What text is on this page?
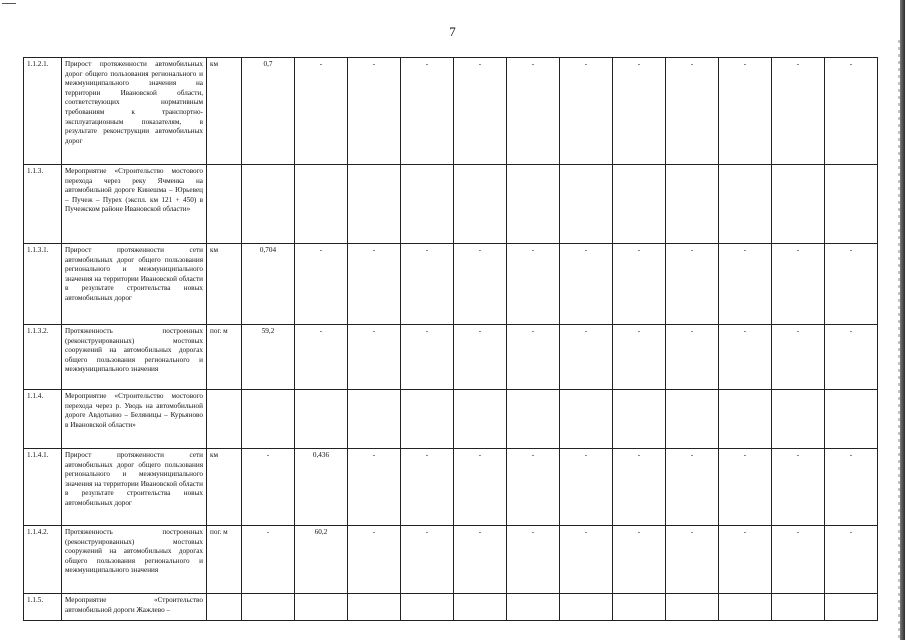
7
1.1.2.1.	Прирост протяженности автомобильных дорог общего пользования регионального и межмуниципального значения на территории Ивановской области, соответствующих нормативным требованиям к транспортно-эксплуатационным показателям, в результате реконструкции автомобильных дорог	км	0,7	-	-	-	-	-	-	-	-	-	-	-
1.1.3.	Мероприятие «Строительство мостового перехода через реку Ячменка на автомобильной дороге Кинешма – Юрьевец – Пучеж – Пурех (экспл. км 121 + 450) в Пучежском районе Ивановской области»													
1.1.3.1.	Прирост протяженности сети автомобильных дорог общего пользования регионального и межмуниципального значения на территории Ивановской области в результате строительства новых автомобильных дорог	км	0,704	-	-	-	-	-	-	-	-	-	-	-
1.1.3.2.	Протяженность построенных (реконструированных) мостовых сооружений на автомобильных дорогах общего пользования регионального и межмуниципального значения	пог. м	59,2	-	-	-	-	-	-	-	-	-	-	-
1.1.4.	Мероприятие «Строительство мостового перехода через р. Уводь на автомобильной дороге Авдотьино – Беляницы – Курьяново в Ивановской области»													
1.1.4.1.	Прирост протяженности сети автомобильных дорог общего пользования регионального и межмуниципального значения на территории Ивановской области в результате строительства новых автомобильных дорог	км	-	0,436	-	-	-	-	-	-	-	-	-	-
1.1.4.2.	Протяженность построенных (реконструированных) мостовых сооружений на автомобильных дорогах общего пользования регионального и межмуниципального значения	пог. м	-	60,2	-	-	-	-	-	-	-	-	-	-
1.1.5.	Мероприятие «Строительство автомобильной дороги Жажлево –													
